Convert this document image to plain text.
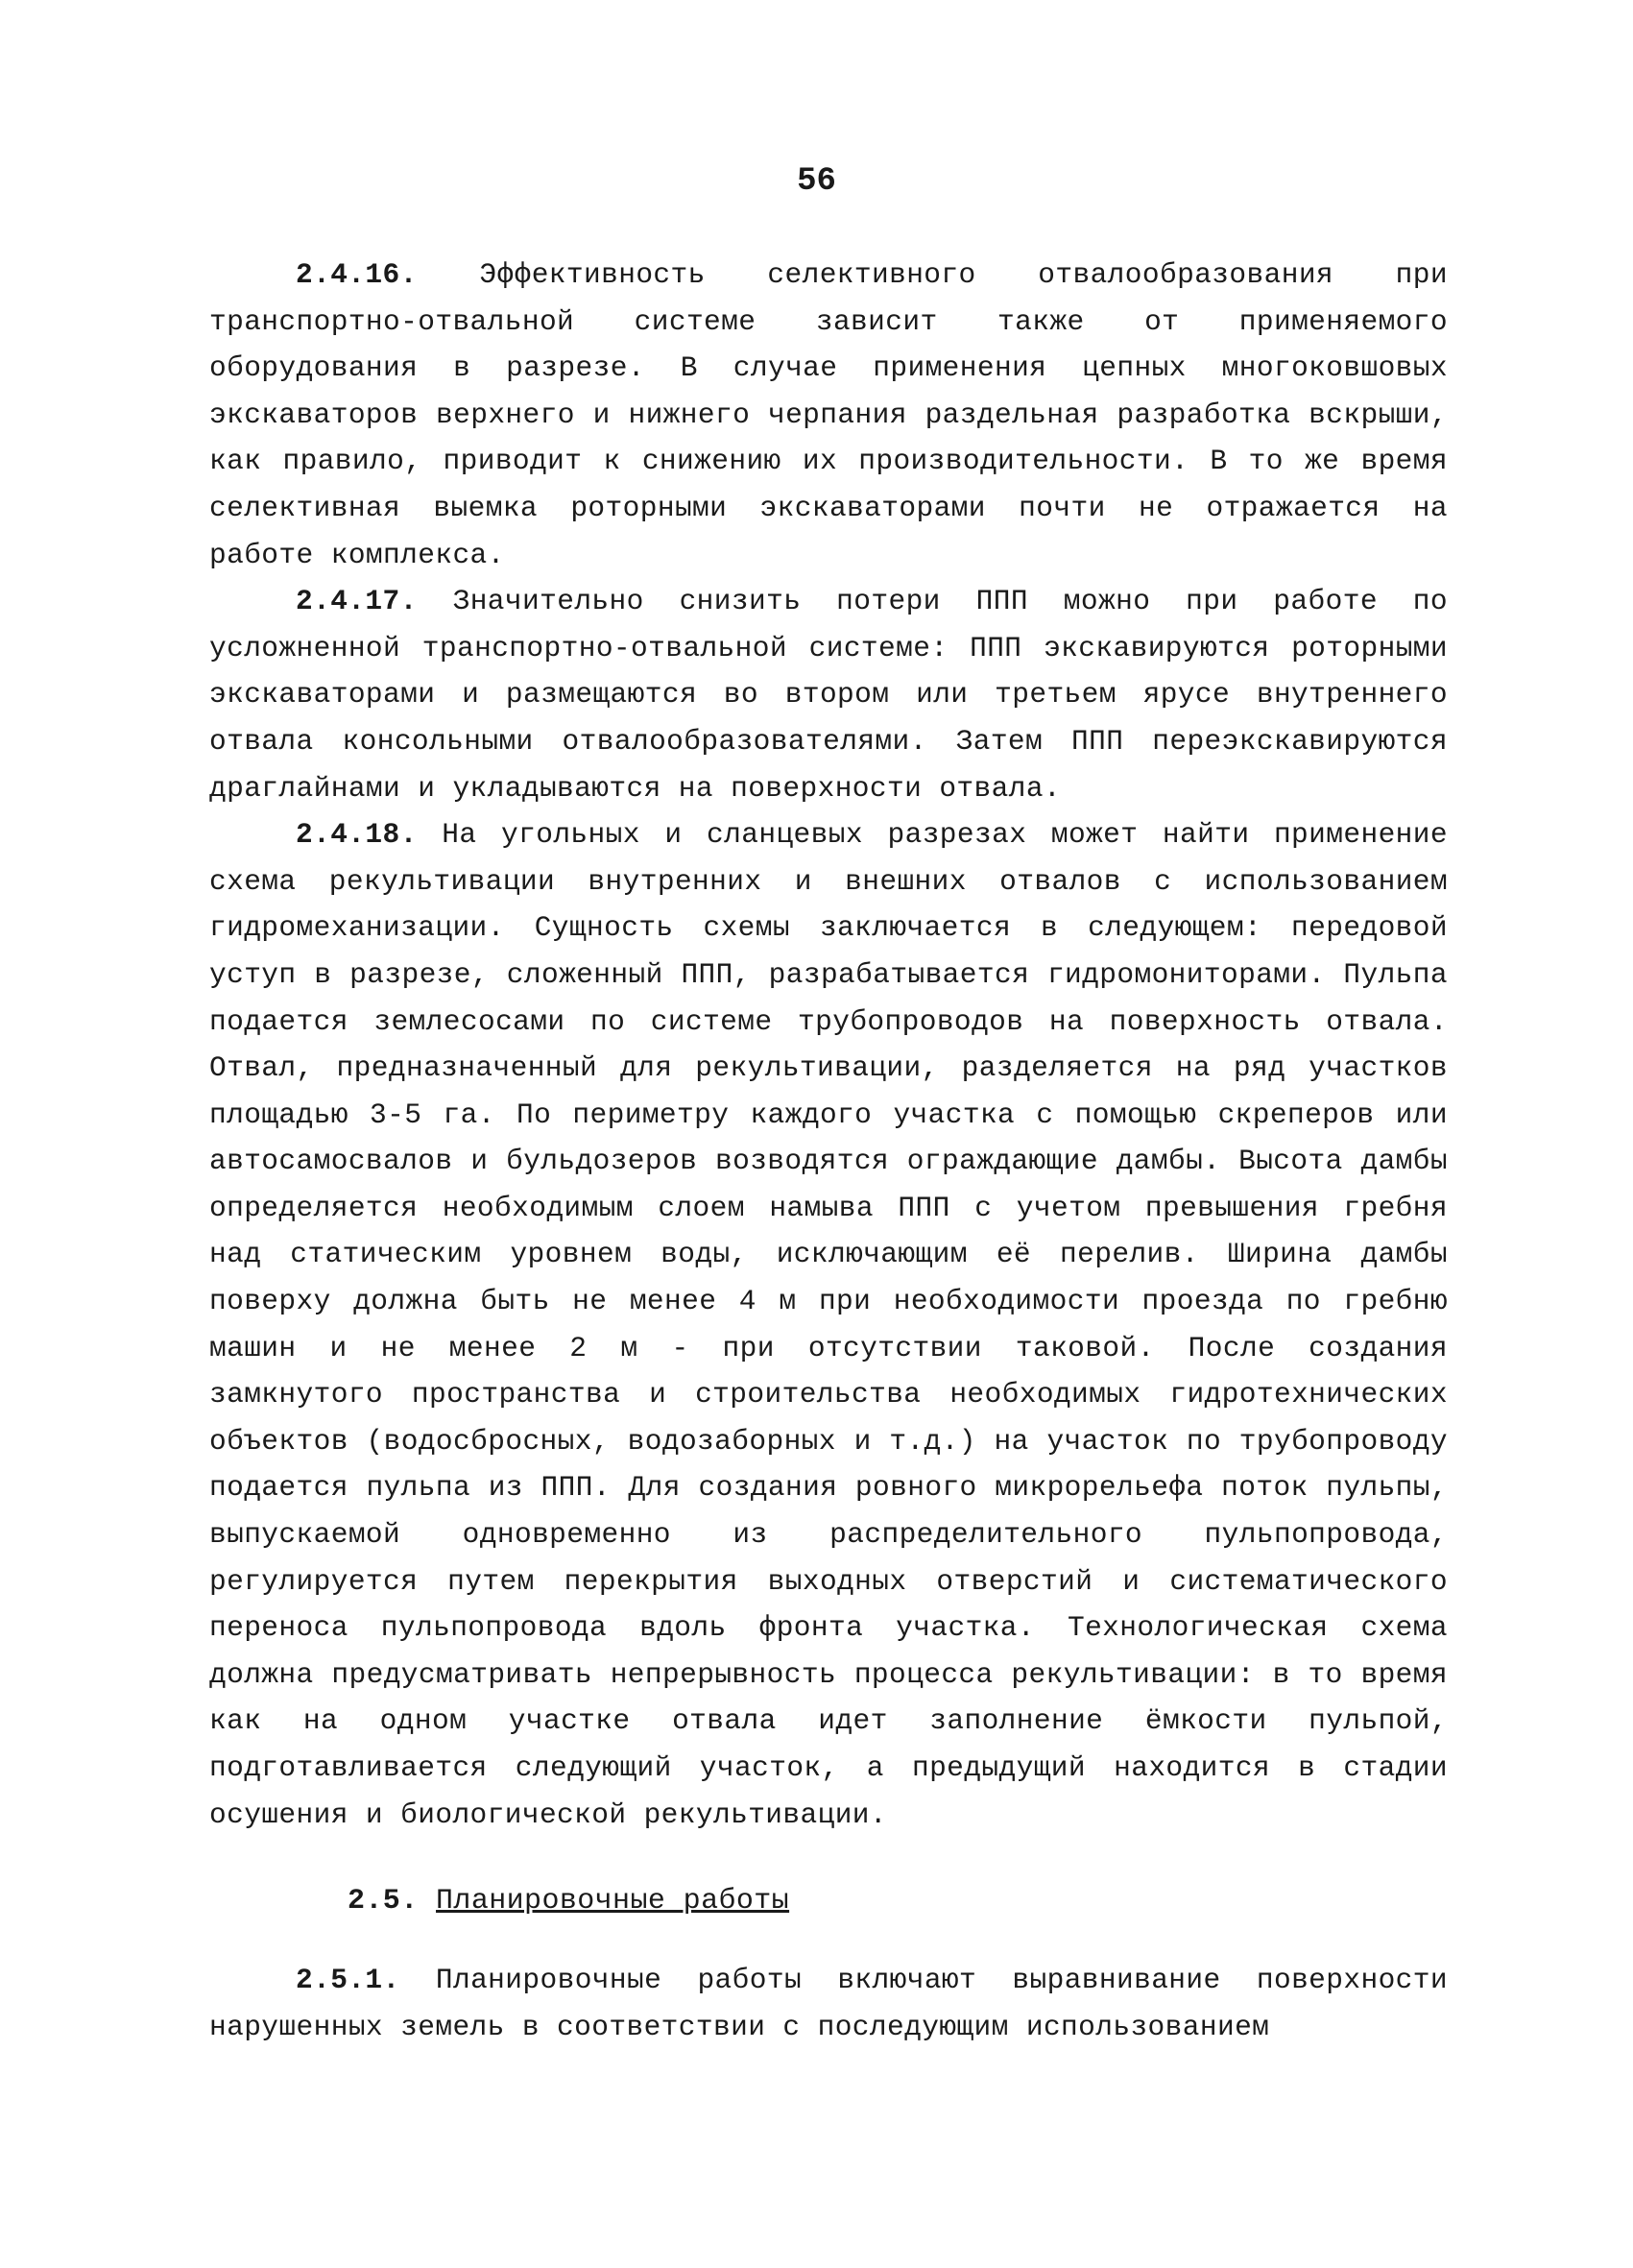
56

2.4.16. Эффективность селективного отвалообразования при транспортно-отвальной системе зависит также от применяемого оборудования в разрезе. В случае применения цепных многоковшовых экскаваторов верхнего и нижнего черпания раздельная разработка вскрыши, как правило, приводит к снижению их производительности. В то же время селективная выемка роторными экскаваторами почти не отражается на работе комплекса.

2.4.17. Значительно снизить потери ППП можно при работе по усложненной транспортно-отвальной системе: ППП экскавируются роторными экскаваторами и размещаются во втором или третьем ярусе внутреннего отвала консольными отвалообразователями. Затем ППП переэкскавируются драглайнами и укладываются на поверхности отвала.

2.4.18. На угольных и сланцевых разрезах может найти применение схема рекультивации внутренних и внешних отвалов с использованием гидромеханизации. Сущность схемы заключается в следующем: передовой уступ в разрезе, сложенный ППП, разрабатывается гидромониторами. Пульпа подается землесосами по системе трубопроводов на поверхность отвала. Отвал, предназначенный для рекультивации, разделяется на ряд участков площадью 3-5 га. По периметру каждого участка с помощью скреперов или автосамосвалов и бульдозеров возводятся ограждающие дамбы. Высота дамбы определяется необходимым слоем намыва ППП с учетом превышения гребня над статическим уровнем воды, исключающим её перелив. Ширина дамбы поверху должна быть не менее 4 м при необходимости проезда по гребню машин и не менее 2 м - при отсутствии таковой. После создания замкнутого пространства и строительства необходимых гидротехнических объектов (водосбросных, водозаборных и т.д.) на участок по трубопроводу подается пульпа из ППП. Для создания ровного микрорельефа поток пульпы, выпускаемой одновременно из распределительного пульпопровода, регулируется путем перекрытия выходных отверстий и систематического переноса пульпопровода вдоль фронта участка. Технологическая схема должна предусматривать непрерывность процесса рекультивации: в то время как на одном участке отвала идет заполнение ёмкости пульпой, подготавливается следующий участок, а предыдущий находится в стадии осушения и биологической рекультивации.

2.5. Планировочные работы

2.5.1. Планировочные работы включают выравнивание поверхности нарушенных земель в соответствии с последующим использованием
